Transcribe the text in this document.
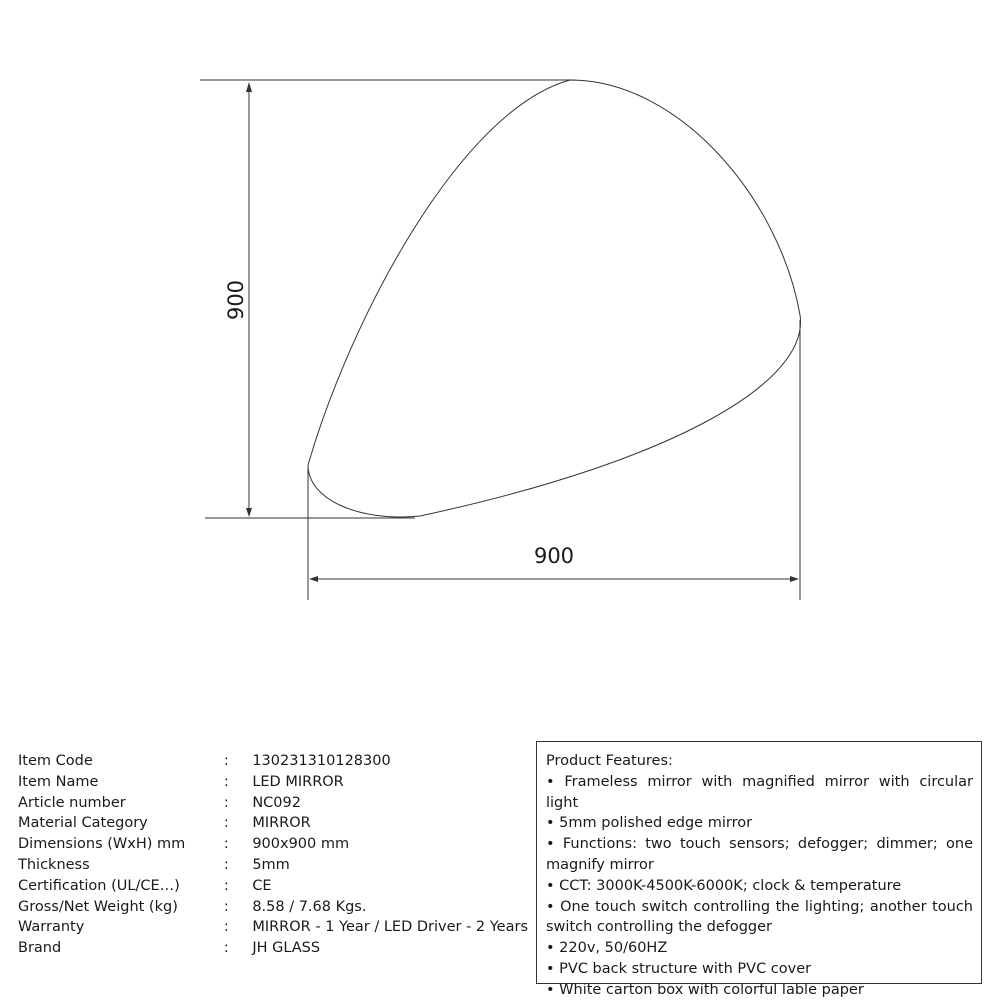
900
900
Item Code	:	130231310128300
Item Name	:	LED MIRROR
Article number	:	NC092
Material Category	:	MIRROR
Dimensions (WxH) mm	:	900x900 mm
Thickness	:	5mm
Certification (UL/CE…)	:	CE
Gross/Net Weight (kg)	:	8.58 / 7.68 Kgs.
Warranty	:	MIRROR - 1 Year / LED Driver - 2 Years
Brand	:	JH GLASS
Product Features:
• Frameless mirror with magnified mirror with circular light
• 5mm polished edge mirror
• Functions: two touch sensors; defogger; dimmer; one magnify mirror
• CCT: 3000K-4500K-6000K; clock & temperature
• One touch switch controlling the lighting; another touch switch controlling the defogger
• 220v, 50/60HZ
• PVC back structure with PVC cover
• White carton box with colorful lable paper
